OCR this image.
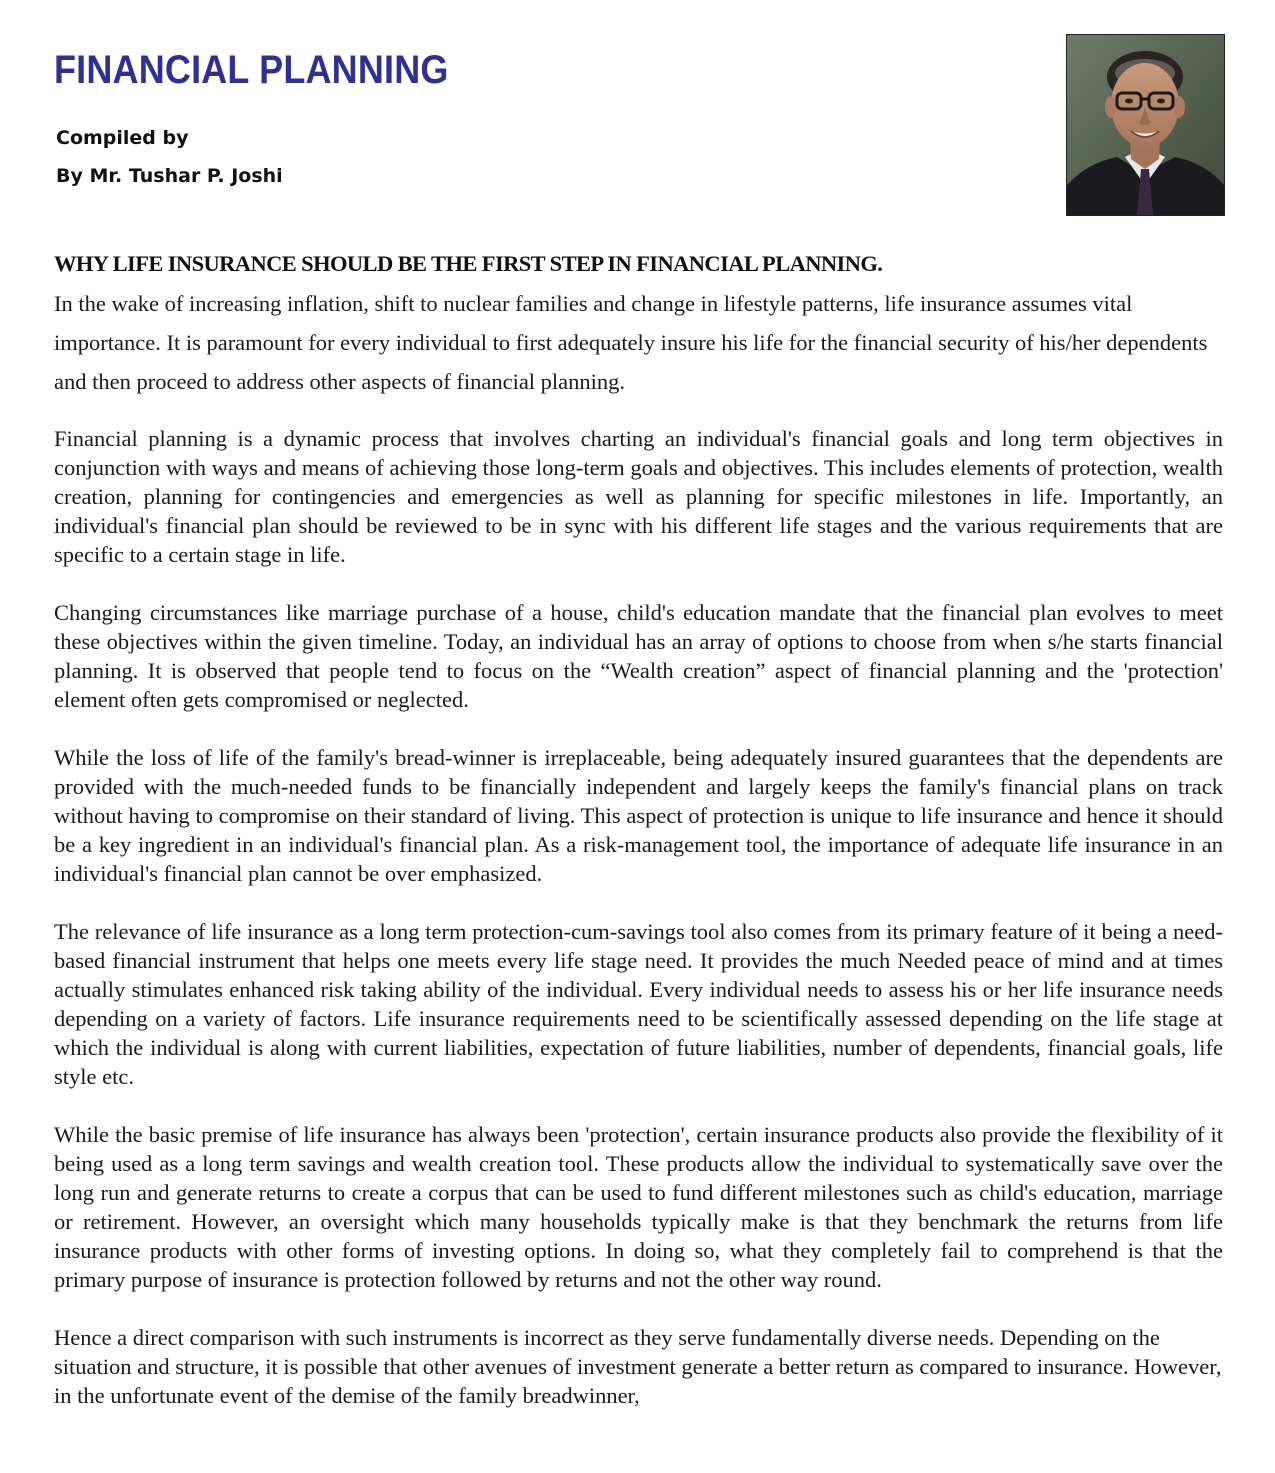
FINANCIAL PLANNING

Compiled by

By Mr. Tushar P. Joshi

WHY LIFE INSURANCE SHOULD BE THE FIRST STEP IN FINANCIAL PLANNING.

In the wake of increasing inflation, shift to nuclear families and change in lifestyle patterns, life insurance assumes vital importance. It is paramount for every individual to first adequately insure his life for the financial security of his/her dependents and then proceed to address other aspects of financial planning.

Financial planning is a dynamic process that involves charting an individual's financial goals and long term objectives in conjunction with ways and means of achieving those long-term goals and objectives. This includes elements of protection, wealth creation, planning for contingencies and emergencies as well as planning for specific milestones in life. Importantly, an individual's financial plan should be reviewed to be in sync with his different life stages and the various requirements that are specific to a certain stage in life.

Changing circumstances like marriage purchase of a house, child's education mandate that the financial plan evolves to meet these objectives within the given timeline. Today, an individual has an array of options to choose from when s/he starts financial planning. It is observed that people tend to focus on the “Wealth creation” aspect of financial planning and the 'protection' element often gets compromised or neglected.

While the loss of life of the family's bread-winner is irreplaceable, being adequately insured guarantees that the dependents are provided with the much-needed funds to be financially independent and largely keeps the family's financial plans on track without having to compromise on their standard of living. This aspect of protection is unique to life insurance and hence it should be a key ingredient in an individual's financial plan. As a risk-management tool, the importance of adequate life insurance in an individual's financial plan cannot be over emphasized.

The relevance of life insurance as a long term protection-cum-savings tool also comes from its primary feature of it being a need-based financial instrument that helps one meets every life stage need. It provides the much Needed peace of mind and at times actually stimulates enhanced risk taking ability of the individual. Every individual needs to assess his or her life insurance needs depending on a variety of factors. Life insurance requirements need to be scientifically assessed depending on the life stage at which the individual is along with current liabilities, expectation of future liabilities, number of dependents, financial goals, life style etc.

While the basic premise of life insurance has always been 'protection', certain insurance products also provide the flexibility of it being used as a long term savings and wealth creation tool. These products allow the individual to systematically save over the long run and generate returns to create a corpus that can be used to fund different milestones such as child's education, marriage or retirement. However, an oversight which many households typically make is that they benchmark the returns from life insurance products with other forms of investing options. In doing so, what they completely fail to comprehend is that the primary purpose of insurance is protection followed by returns and not the other way round.

Hence a direct comparison with such instruments is incorrect as they serve fundamentally diverse needs. Depending on the situation and structure, it is possible that other avenues of investment generate a better return as compared to insurance. However, in the unfortunate event of the demise of the family breadwinner,
